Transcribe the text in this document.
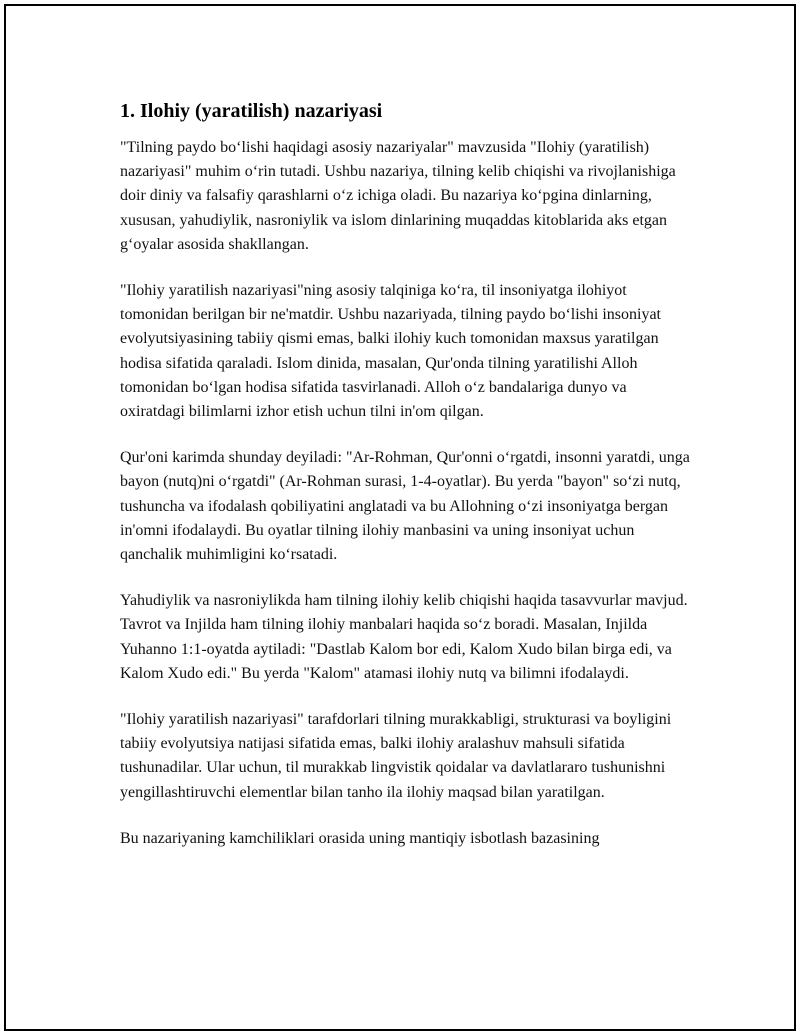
1. Ilohiy (yaratilish) nazariyasi

"Tilning paydo bo‘lishi haqidagi asosiy nazariyalar" mavzusida "Ilohiy (yaratilish) nazariyasi" muhim o‘rin tutadi. Ushbu nazariya, tilning kelib chiqishi va rivojlanishiga doir diniy va falsafiy qarashlarni o‘z ichiga oladi. Bu nazariya ko‘pgina dinlarning, xususan, yahudiylik, nasroniylik va islom dinlarining muqaddas kitoblarida aks etgan g‘oyalar asosida shakllangan.

"Ilohiy yaratilish nazariyasi"ning asosiy talqiniga ko‘ra, til insoniyatga ilohiyot tomonidan berilgan bir ne'matdir. Ushbu nazariyada, tilning paydo bo‘lishi insoniyat evolyutsiyasining tabiiy qismi emas, balki ilohiy kuch tomonidan maxsus yaratilgan hodisa sifatida qaraladi. Islom dinida, masalan, Qur'onda tilning yaratilishi Alloh tomonidan bo‘lgan hodisa sifatida tasvirlanadi. Alloh o‘z bandalariga dunyo va oxiratdagi bilimlarni izhor etish uchun tilni in'om qilgan.

Qur'oni karimda shunday deyiladi: "Ar-Rohman, Qur'onni o‘rgatdi, insonni yaratdi, unga bayon (nutq)ni o‘rgatdi" (Ar-Rohman surasi, 1-4-oyatlar). Bu yerda "bayon" so‘zi nutq, tushuncha va ifodalash qobiliyatini anglatadi va bu Allohning o‘zi insoniyatga bergan in'omni ifodalaydi. Bu oyatlar tilning ilohiy manbasini va uning insoniyat uchun qanchalik muhimligini ko‘rsatadi.

Yahudiylik va nasroniylikda ham tilning ilohiy kelib chiqishi haqida tasavvurlar mavjud. Tavrot va Injilda ham tilning ilohiy manbalari haqida so‘z boradi. Masalan, Injilda Yuhanno 1:1-oyatda aytiladi: "Dastlab Kalom bor edi, Kalom Xudo bilan birga edi, va Kalom Xudo edi." Bu yerda "Kalom" atamasi ilohiy nutq va bilimni ifodalaydi.

"Ilohiy yaratilish nazariyasi" tarafdorlari tilning murakkabligi, strukturasi va boyligini tabiiy evolyutsiya natijasi sifatida emas, balki ilohiy aralashuv mahsuli sifatida tushunadilar. Ular uchun, til murakkab lingvistik qoidalar va davlatlararo tushunishni yengillashtiruvchi elementlar bilan tanho ila ilohiy maqsad bilan yaratilgan.

Bu nazariyaning kamchiliklari orasida uning mantiqiy isbotlash bazasining
